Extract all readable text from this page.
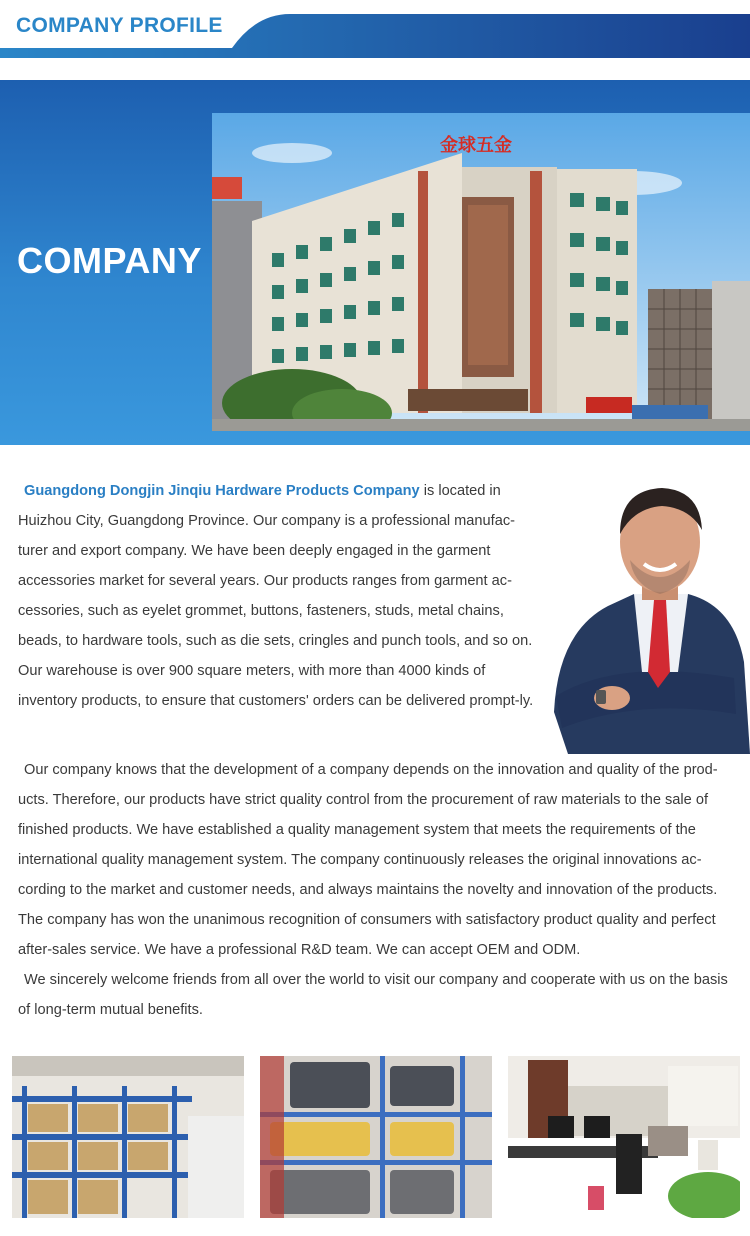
COMPANY PROFILE
COMPANY
金球五金
Guangdong Dongjin Jinqiu Hardware Products Company is located in Huizhou City, Guangdong Province. Our company is a professional manufac-turer and export company. We have been deeply engaged in the garment accessories market for several years. Our products ranges from garment ac-cessories, such as eyelet grommet, buttons, fasteners, studs, metal chains, beads, to hardware tools, such as die sets, cringles and punch tools, and so on. Our warehouse is over 900 square meters, with more than 4000 kinds of inventory products, to ensure that customers' orders can be delivered prompt-ly.

Our company knows that the development of a company depends on the innovation and quality of the prod-ucts. Therefore, our products have strict quality control from the procurement of raw materials to the sale of finished products. We have established a quality management system that meets the requirements of the international quality management system. The company continuously releases the original innovations ac-cording to the market and customer needs, and always maintains the novelty and innovation of the products. The company has won the unanimous recognition of consumers with satisfactory product quality and perfect after-sales service. We have a professional R&D team. We can accept OEM and ODM.

We sincerely welcome friends from all over the world to visit our company and cooperate with us on the basis of long-term mutual benefits.
